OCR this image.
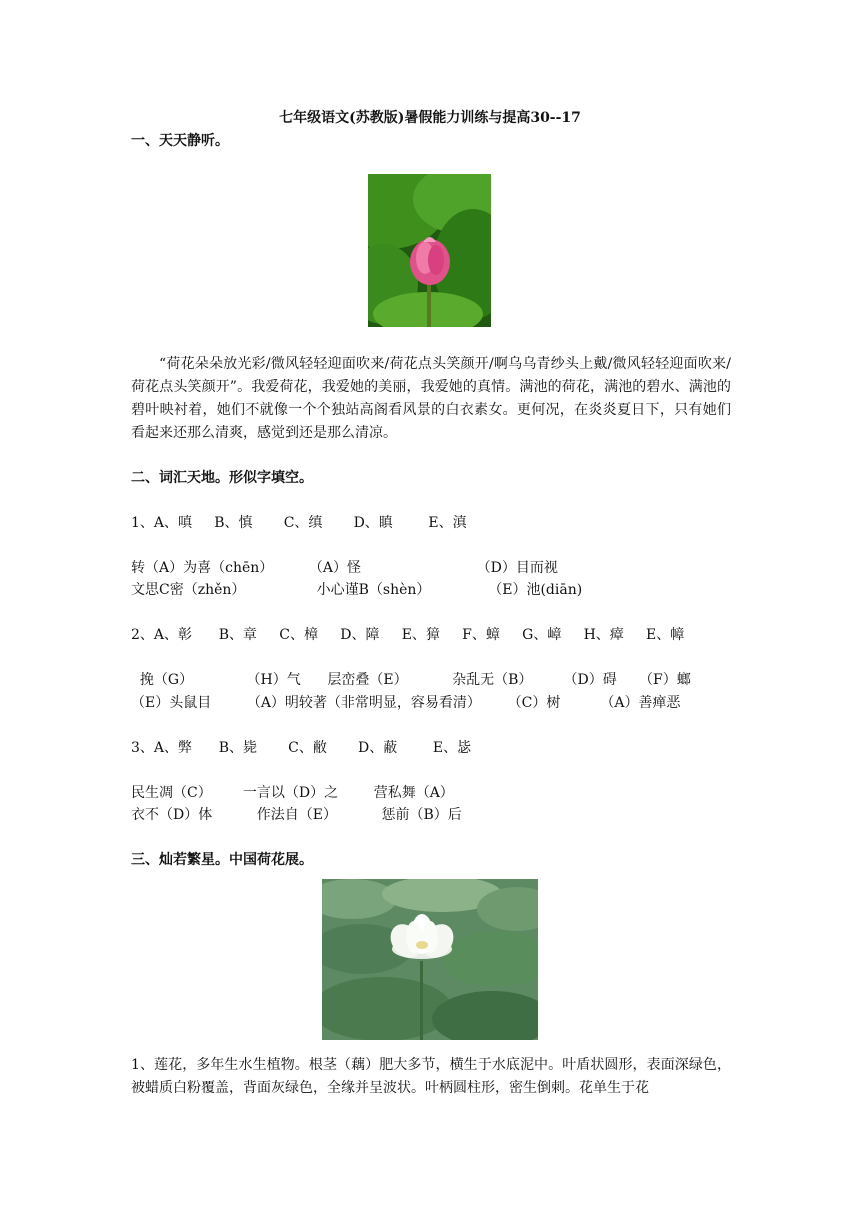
七年级语文(苏教版)暑假能力训练与提高30--17
一、天天静听。
“荷花朵朵放光彩/微风轻轻迎面吹来/荷花点头笑颜开/啊乌乌青纱头上戴/微风轻轻迎面吹来/荷花点头笑颜开”。我爱荷花，我爱她的美丽，我爱她的真情。满池的荷花，满池的碧水、满池的碧叶映衬着，她们不就像一个个独站高阁看风景的白衣素女。更何况，在炎炎夏日下，只有她们看起来还那么清爽，感觉到还是那么清凉。
二、词汇天地。形似字填空。
1、A、嗔     B、慎       C、缜       D、瞋        E、滇
转（A）为喜（chēn）        （A）怪                          （D）目而视
文思C密（zhěn）                小心谨B（shèn）             （E）池(diān)
2、A、彰      B、章     C、樟     D、障     E、獐     F、蟑     G、嶂     H、瘴     E、幛
挽（G）            （H）气      层峦叠（E）          杂乱无（B）       （D）碍     （F）螂
（E）头鼠目        （A）明较著（非常明显，容易看清）      （C）树         （A）善瘅恶
3、A、弊      B、毙       C、敝       D、蔽        E、毖
民生凋（C）       一言以（D）之        营私舞（A）
衣不（D）体          作法自（E）          惩前（B）后
三、灿若繁星。中国荷花展。
1、莲花，多年生水生植物。根茎（藕）肥大多节，横生于水底泥中。叶盾状圆形，表面深绿色，被蜡质白粉覆盖，背面灰绿色，全缘并呈波状。叶柄圆柱形，密生倒刺。花单生于花
